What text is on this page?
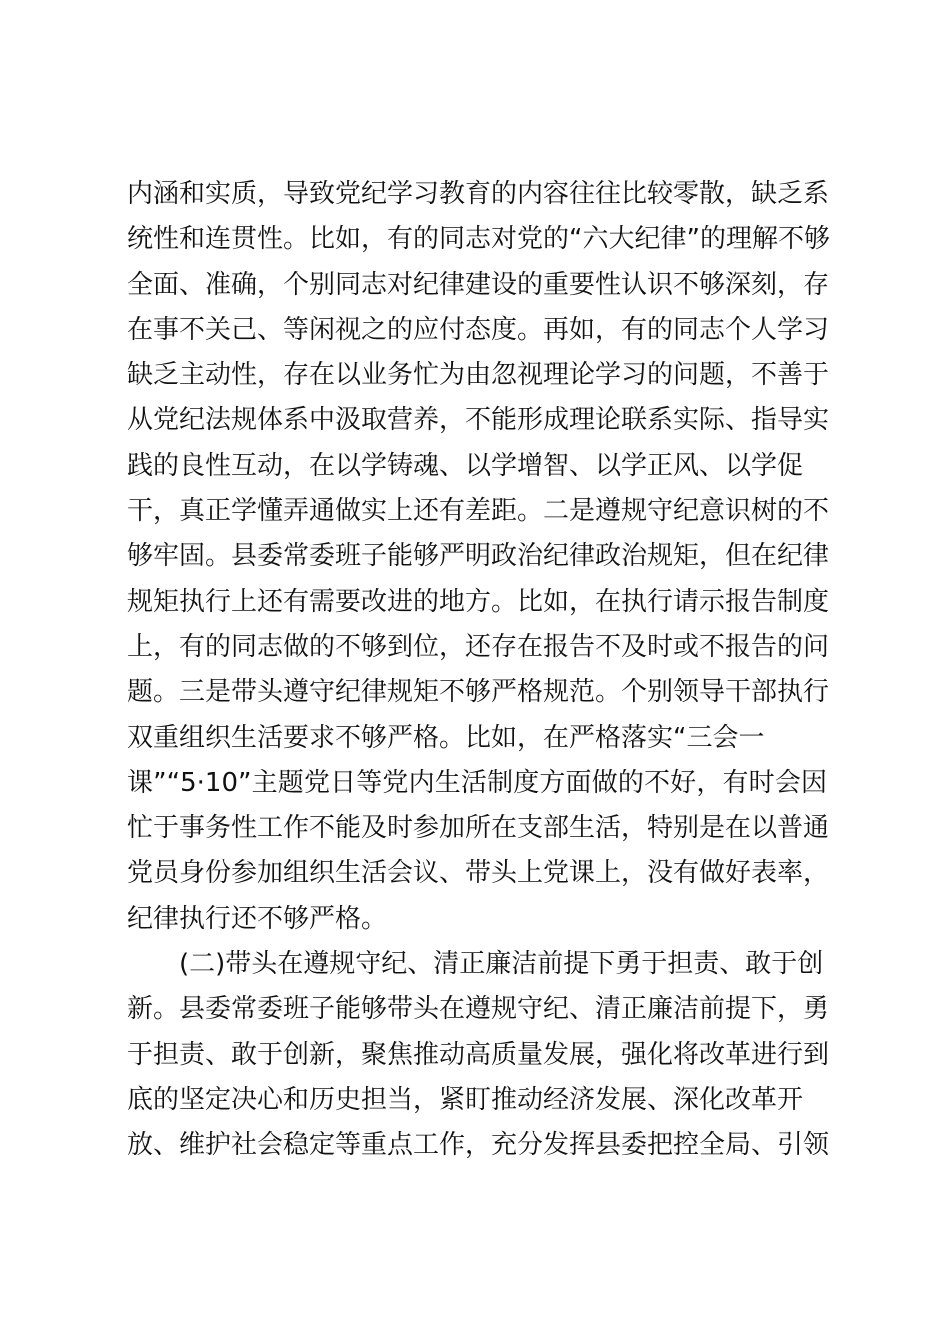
内涵和实质，导致党纪学习教育的内容往往比较零散，缺乏系
统性和连贯性。比如，有的同志对党的“六大纪律”的理解不够
全面、准确，个别同志对纪律建设的重要性认识不够深刻，存
在事不关己、等闲视之的应付态度。再如，有的同志个人学习
缺乏主动性，存在以业务忙为由忽视理论学习的问题，不善于
从党纪法规体系中汲取营养，不能形成理论联系实际、指导实
践的良性互动，在以学铸魂、以学增智、以学正风、以学促
干，真正学懂弄通做实上还有差距。二是遵规守纪意识树的不
够牢固。县委常委班子能够严明政治纪律政治规矩，但在纪律
规矩执行上还有需要改进的地方。比如，在执行请示报告制度
上，有的同志做的不够到位，还存在报告不及时或不报告的问
题。三是带头遵守纪律规矩不够严格规范。个别领导干部执行
双重组织生活要求不够严格。比如，在严格落实“三会一
课”“5·10”主题党日等党内生活制度方面做的不好，有时会因
忙于事务性工作不能及时参加所在支部生活，特别是在以普通
党员身份参加组织生活会议、带头上党课上，没有做好表率，
纪律执行还不够严格。
(二)带头在遵规守纪、清正廉洁前提下勇于担责、敢于创
新。县委常委班子能够带头在遵规守纪、清正廉洁前提下，勇
于担责、敢于创新，聚焦推动高质量发展，强化将改革进行到
底的坚定决心和历史担当，紧盯推动经济发展、深化改革开
放、维护社会稳定等重点工作，充分发挥县委把控全局、引领
